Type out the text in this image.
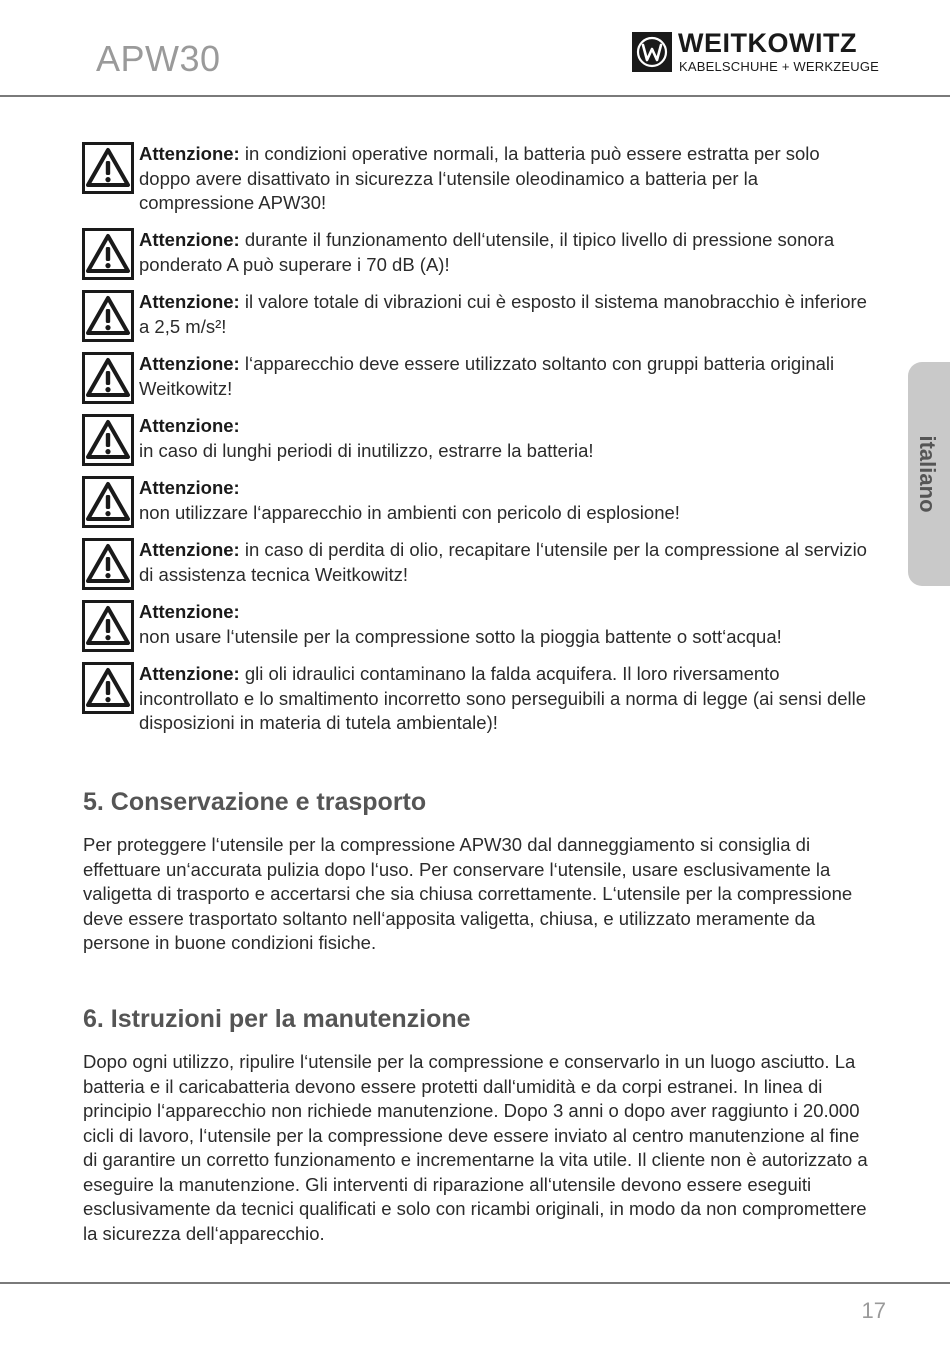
APW30	WEITKOWITZ
KABELSCHUHE + WERKZEUGE
italiano
Attenzione: in condizioni operative normali, la batteria può essere estratta per solo doppo avere disattivato in sicurezza l‘utensile oleodinamico a batteria per la compressione APW30!
Attenzione: durante il funzionamento dell‘utensile, il tipico livello di pressione sonora ponderato A può superare i 70 dB (A)!
Attenzione: il valore totale di vibrazioni cui è esposto il sistema manobracchio è inferiore a 2,5 m/s²!
Attenzione: l‘apparecchio deve essere utilizzato soltanto con gruppi batteria originali Weitkowitz!
Attenzione:
in caso di lunghi periodi di inutilizzo, estrarre la batteria!
Attenzione:
non utilizzare l‘apparecchio in ambienti con pericolo di esplosione!
Attenzione: in caso di perdita di olio, recapitare l‘utensile per la compressione al servizio di assistenza tecnica Weitkowitz!
Attenzione:
non usare l‘utensile per la compressione sotto la pioggia battente o sott‘acqua!
Attenzione: gli oli idraulici contaminano la falda acquifera. Il loro riversamento incontrollato e lo smaltimento incorretto sono perseguibili a norma di legge (ai sensi delle disposizioni in materia di tutela ambientale)!
5. Conservazione e trasporto

Per proteggere l‘utensile per la compressione APW30 dal danneggiamento si consiglia di effettuare un‘accurata pulizia dopo l‘uso. Per conservare l‘utensile, usare esclusivamente la valigetta di trasporto e accertarsi che sia chiusa correttamente. L‘utensile per la compressione deve essere trasportato soltanto nell‘apposita valigetta, chiusa, e utilizzato meramente da persone in buone condizioni fisiche.

6. Istruzioni per la manutenzione

Dopo ogni utilizzo, ripulire l‘utensile per la compressione e conservarlo in un luogo asciutto. La batteria e il caricabatteria devono essere protetti dall‘umidità e da corpi estranei. In linea di principio l‘apparecchio non richiede manutenzione. Dopo 3 anni o dopo aver raggiunto i 20.000 cicli di lavoro, l‘utensile per la compressione deve essere inviato al centro manutenzione al fine di garantire un corretto funzionamento e incrementarne la vita utile. Il cliente non è autorizzato a eseguire la manutenzione. Gli interventi di riparazione all‘utensile devono essere eseguiti esclusivamente da tecnici qualificati e solo con ricambi originali, in modo da non compromettere la sicurezza dell‘apparecchio.

17
